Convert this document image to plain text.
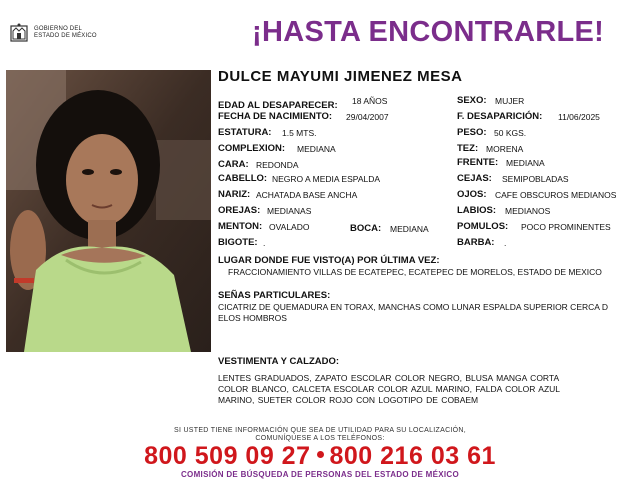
GOBIERNO DEL
ESTADO DE MÉXICO	¡HASTA ENCONTRARLE!
DULCE MAYUMI JIMENEZ MESA
EDAD AL DESAPARECER: 18 AÑOS
FECHA DE NACIMIENTO: 29/04/2007
ESTATURA: 1.5 MTS.
COMPLEXION: MEDIANA
CARA: REDONDA
CABELLO: NEGRO A MEDIA ESPALDA
NARIZ: ACHATADA BASE ANCHA
OREJAS: MEDIANAS
MENTON: OVALADO	BOCA: MEDIANA
BIGOTE: .
SEXO: MUJER
F. DESAPARICIÓN: 11/06/2025
PESO: 50 KGS.
TEZ: MORENA
FRENTE: MEDIANA
CEJAS: SEMIPOBLADAS
OJOS: CAFE OBSCUROS MEDIANOS
LABIOS: MEDIANOS
POMULOS: POCO PROMINENTES
BARBA: .
LUGAR DONDE FUE VISTO(A) POR ÚLTIMA VEZ:
FRACCIONAMIENTO VILLAS DE ECATEPEC, ECATEPEC DE MORELOS, ESTADO DE MEXICO
SEÑAS PARTICULARES:
CICATRIZ DE QUEMADURA EN TORAX, MANCHAS COMO LUNAR ESPALDA SUPERIOR CERCA D ELOS HOMBROS
VESTIMENTA Y CALZADO:
LENTES GRADUADOS, ZAPATO ESCOLAR COLOR NEGRO, BLUSA MANGA CORTA COLOR BLANCO, CALCETA ESCOLAR COLOR AZUL MARINO, FALDA COLOR AZUL MARINO, SUETER COLOR ROJO CON LOGOTIPO DE COBAEM
SI USTED TIENE INFORMACIÓN QUE SEA DE UTILIDAD PARA SU LOCALIZACIÓN,
COMUNÍQUESE A LOS TELÉFONOS:
800 509 09 27 800 216 03 61
COMISIÓN DE BÚSQUEDA DE PERSONAS DEL ESTADO DE MÉXICO
